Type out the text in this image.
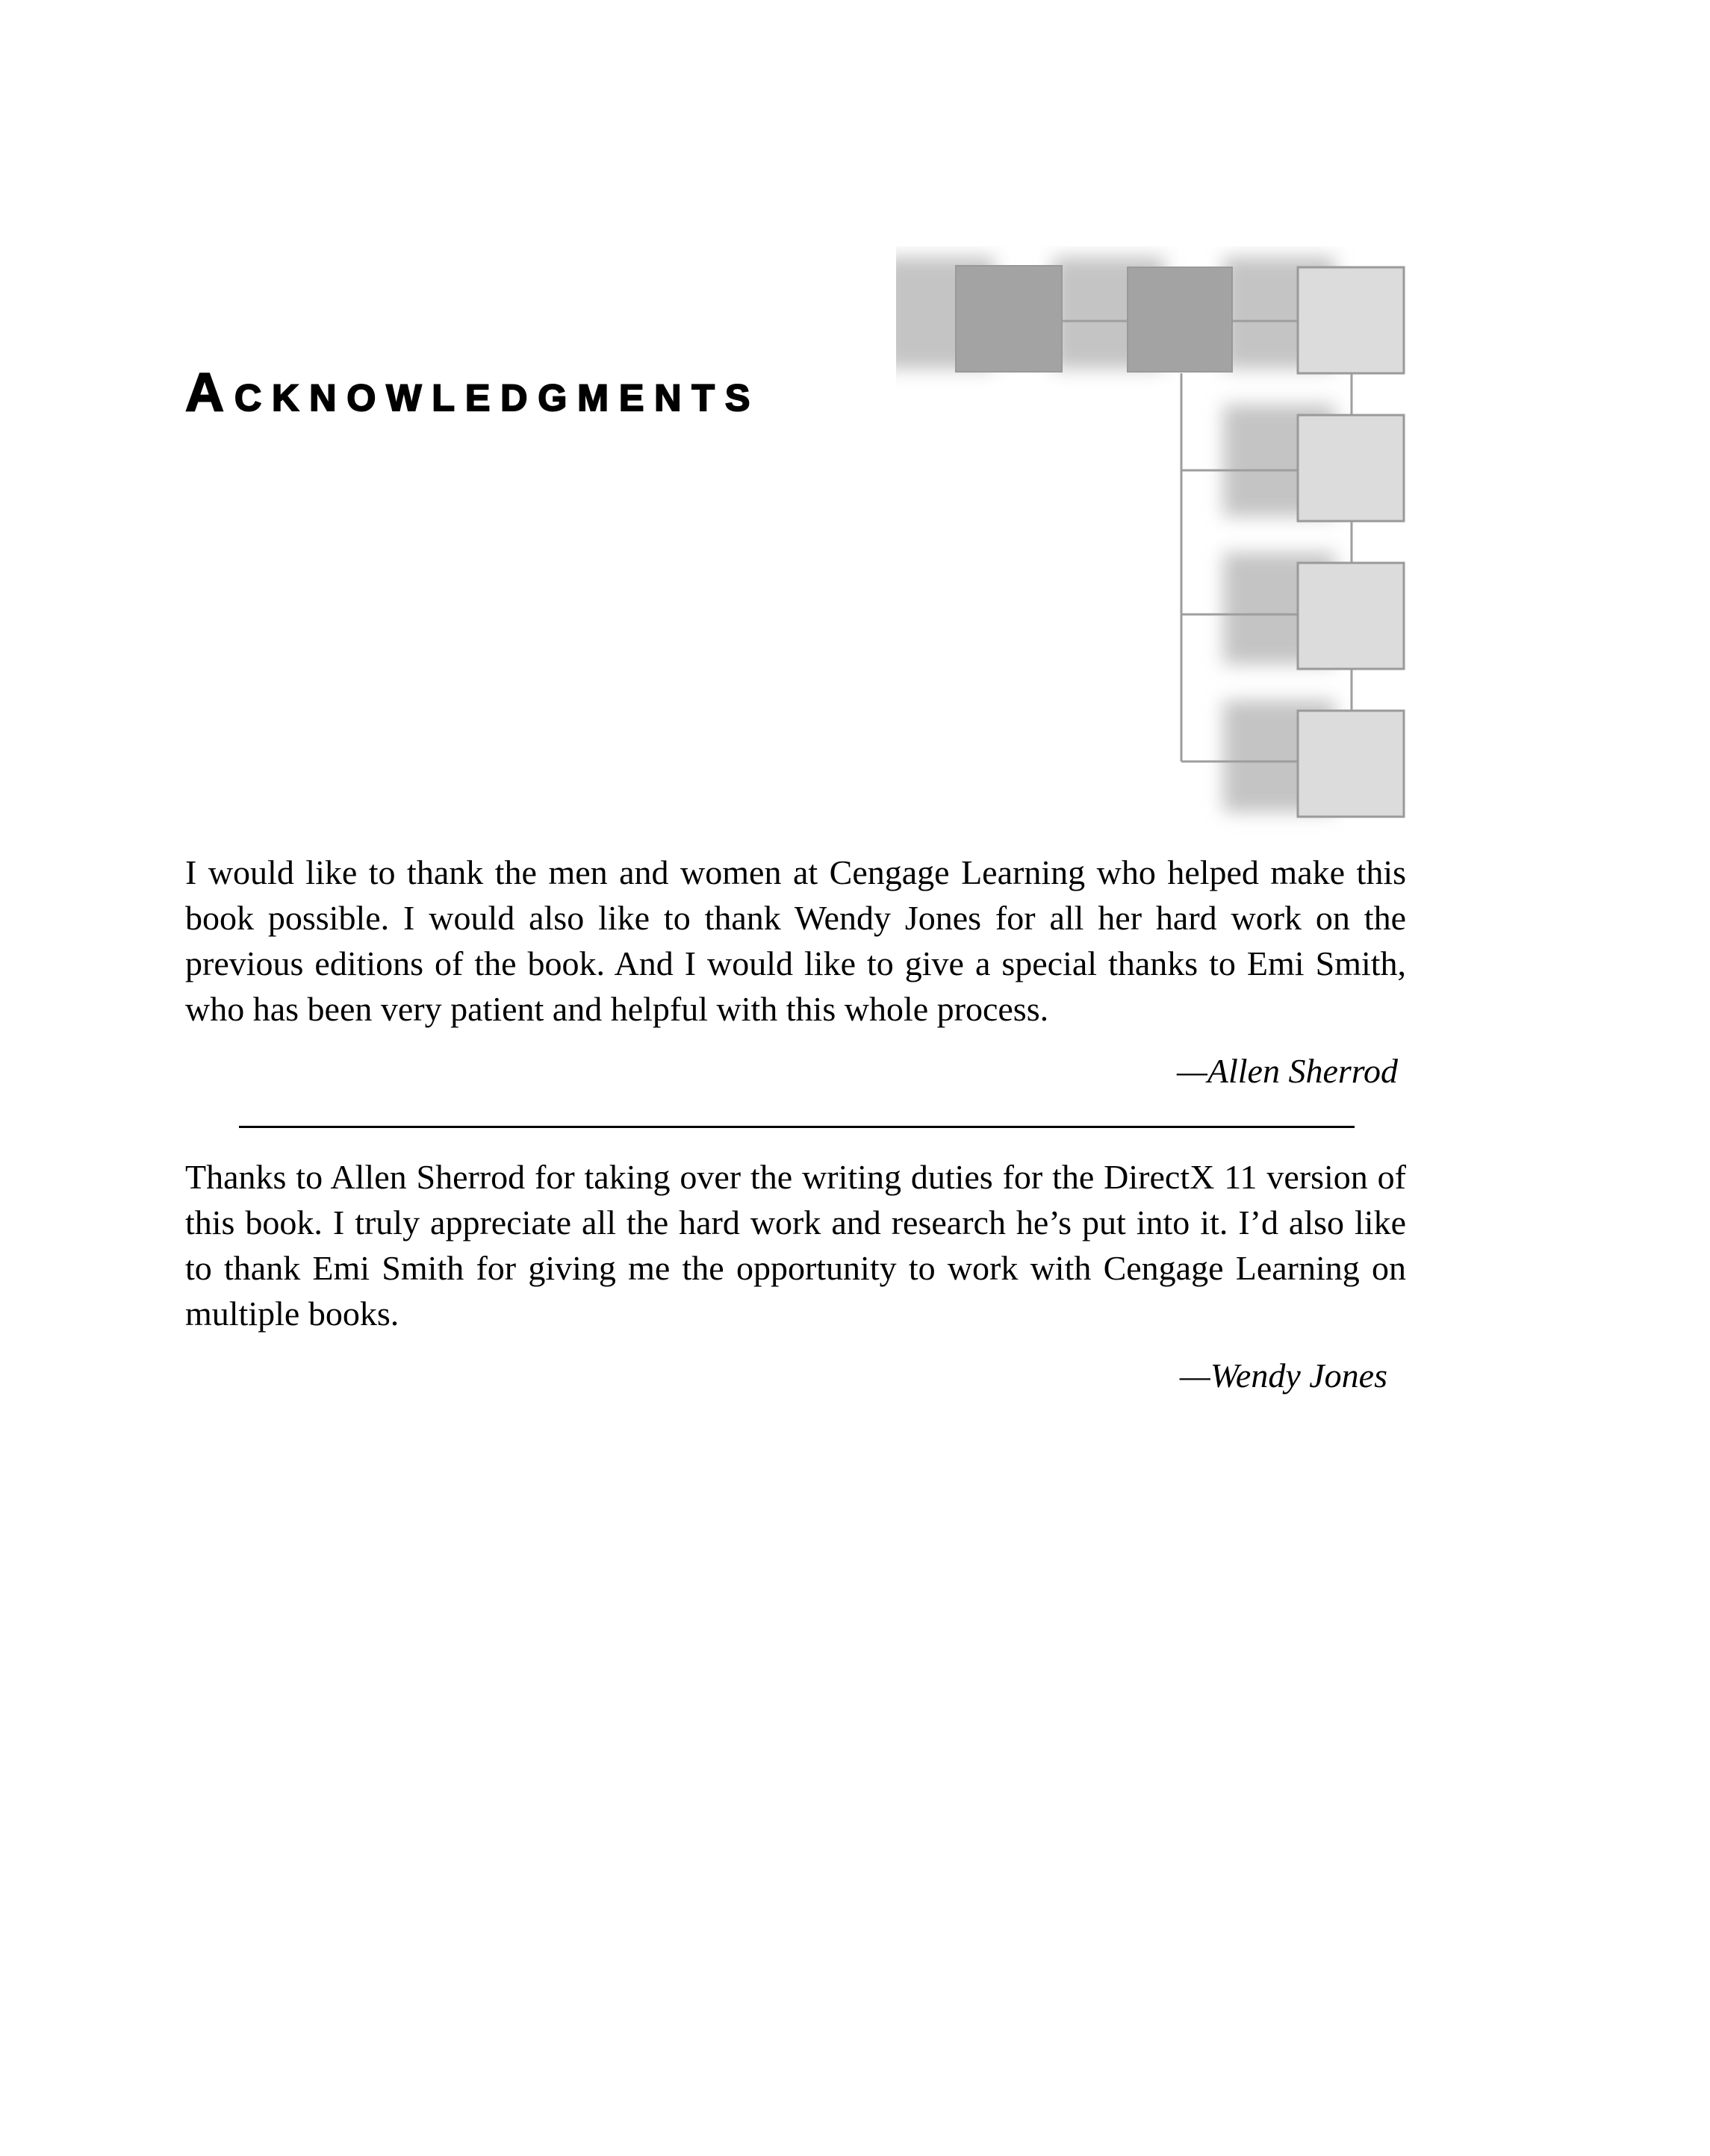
Acknowledgments

I would like to thank the men and women at Cengage Learning who helped make this book possible. I would also like to thank Wendy Jones for all her hard work on the previous editions of the book. And I would like to give a special thanks to Emi Smith, who has been very patient and helpful with this whole process.

—Allen Sherrod

Thanks to Allen Sherrod for taking over the writing duties for the DirectX 11 version of this book. I truly appreciate all the hard work and research he’s put into it. I’d also like to thank Emi Smith for giving me the opportunity to work with Cengage Learning on multiple books.

—Wendy Jones
